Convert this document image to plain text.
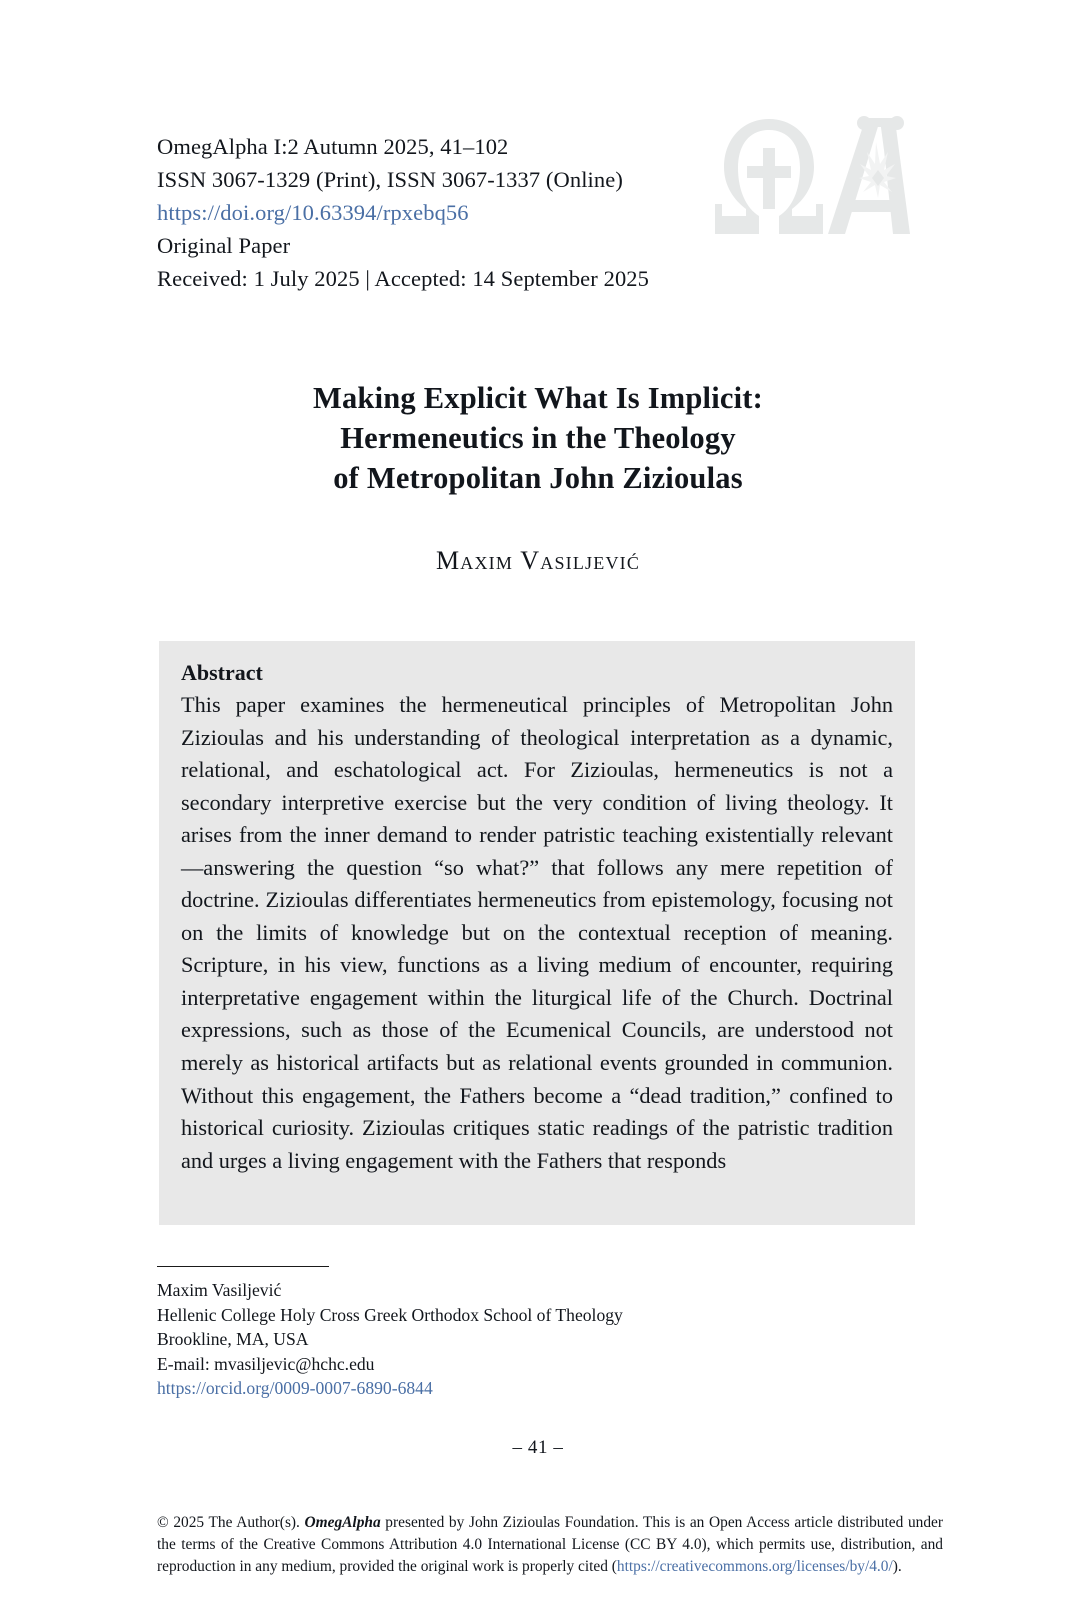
OmegAlpha I:2 Autumn 2025, 41–102
ISSN 3067-1329 (Print), ISSN 3067-1337 (Online)
https://doi.org/10.63394/rpxebq56
Original Paper
Received: 1 July 2025 | Accepted: 14 September 2025
Making Explicit What Is Implicit:
Hermeneutics in the Theology
of Metropolitan John Zizioulas
Maxim Vasiljević
Abstract
This paper examines the hermeneutical principles of Metropolitan John Zizioulas and his understanding of theological interpretation as a dynamic, relational, and eschatological act. For Zizioulas, hermeneutics is not a secondary interpretive exercise but the very condition of living theology. It arises from the inner demand to render patristic teaching existentially relevant—answering the question “so what?” that follows any mere repetition of doctrine. Zizioulas differentiates hermeneutics from epistemology, focusing not on the limits of knowledge but on the contextual reception of meaning. Scripture, in his view, functions as a living medium of encounter, requiring interpretative engagement within the liturgical life of the Church. Doctrinal expressions, such as those of the Ecumenical Councils, are understood not merely as historical artifacts but as relational events grounded in communion. Without this engagement, the Fathers become a “dead tradition,” confined to historical curiosity. Zizioulas critiques static readings of the patristic tradition and urges a living engagement with the Fathers that responds
Maxim Vasiljević
Hellenic College Holy Cross Greek Orthodox School of Theology
Brookline, MA, USA
E-mail: mvasiljevic@hchc.edu
https://orcid.org/0009-0007-6890-6844
– 41 –
© 2025 The Author(s). OmegAlpha presented by John Zizioulas Foundation. This is an Open Access article distributed under the terms of the Creative Commons Attribution 4.0 International License (CC BY 4.0), which permits use, distribution, and reproduction in any medium, provided the original work is properly cited (https://creativecommons.org/licenses/by/4.0/).
